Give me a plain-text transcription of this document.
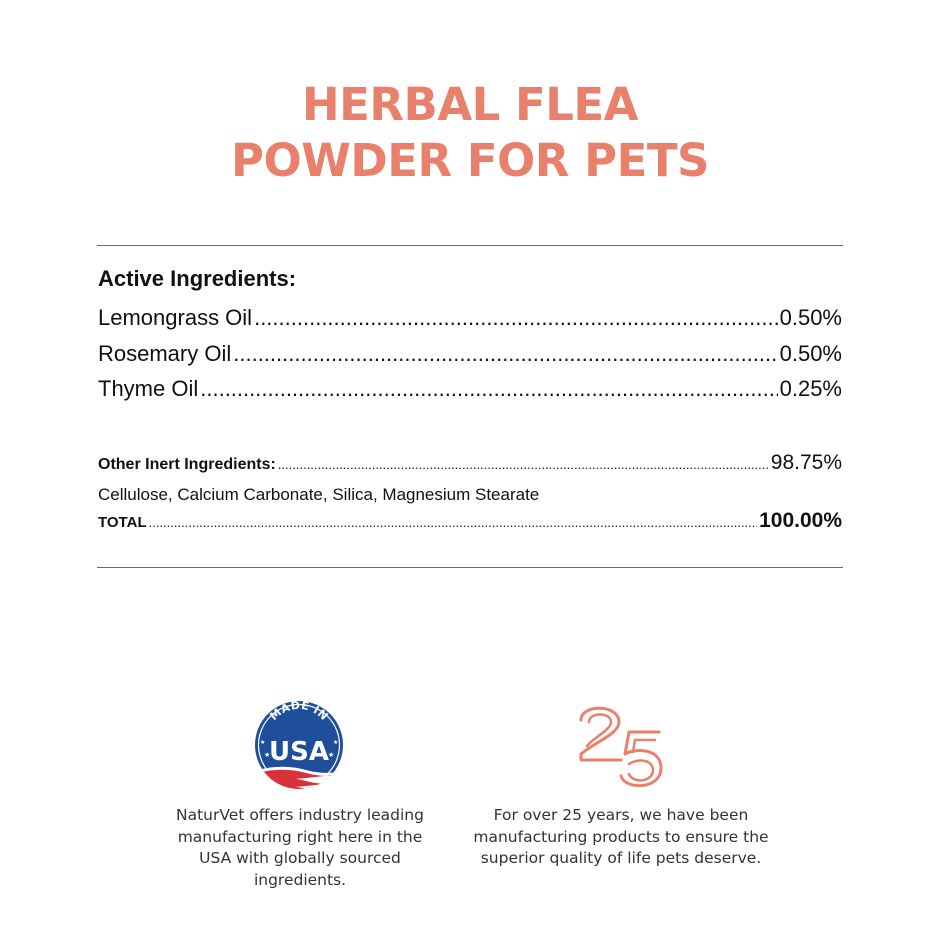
HERBAL FLEA
POWDER FOR PETS
Active Ingredients:
Lemongrass Oil .....	0.50%
Rosemary Oil .....	0.50%
Thyme Oil .....	0.25%
Other Inert Ingredients: .....	98.75%
Cellulose, Calcium Carbonate, Silica, Magnesium Stearate
TOTAL .....	100.00%
★	★
★	★
MADE IN
USA
NaturVet offers industry leading manufacturing right here in the USA with globally sourced ingredients.
25
For over 25 years, we have been manufacturing products to ensure the superior quality of life pets deserve.
